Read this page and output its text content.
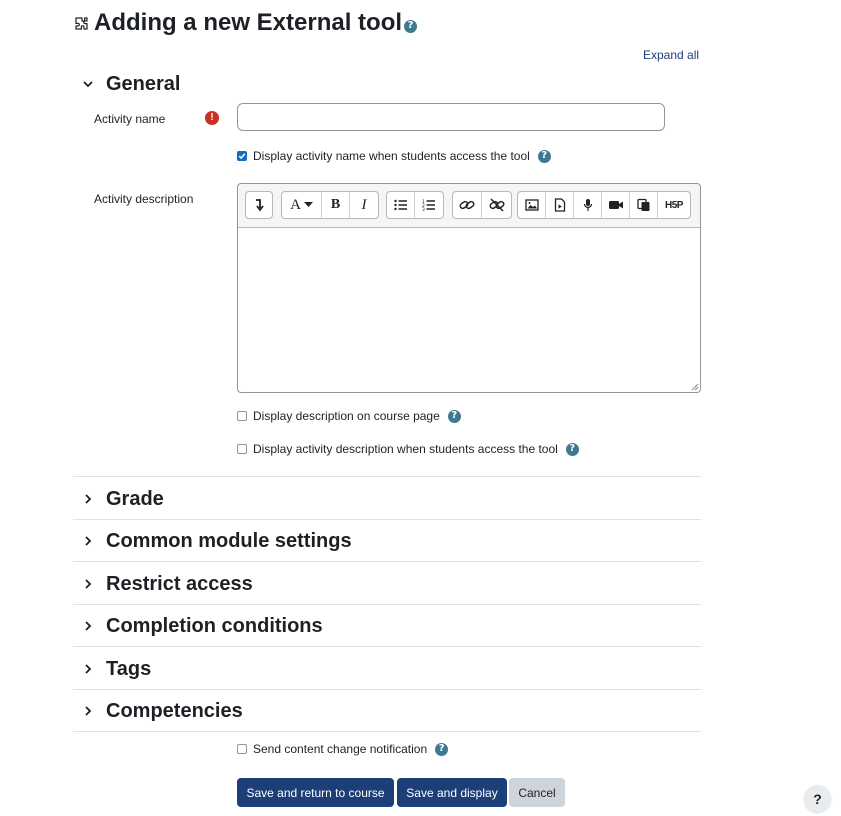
Adding a new External tool ?
Expand all
General
Activity name	!
Display activity name when students access the tool	?
Activity description	A B I	1
2
3	H5P
Display description on course page	?
Display activity description when students access the tool	?
Grade
Common module settings
Restrict access
Completion conditions
Tags
Competencies
Send content change notification	?
Save and return to course	Save and display	Cancel	?
